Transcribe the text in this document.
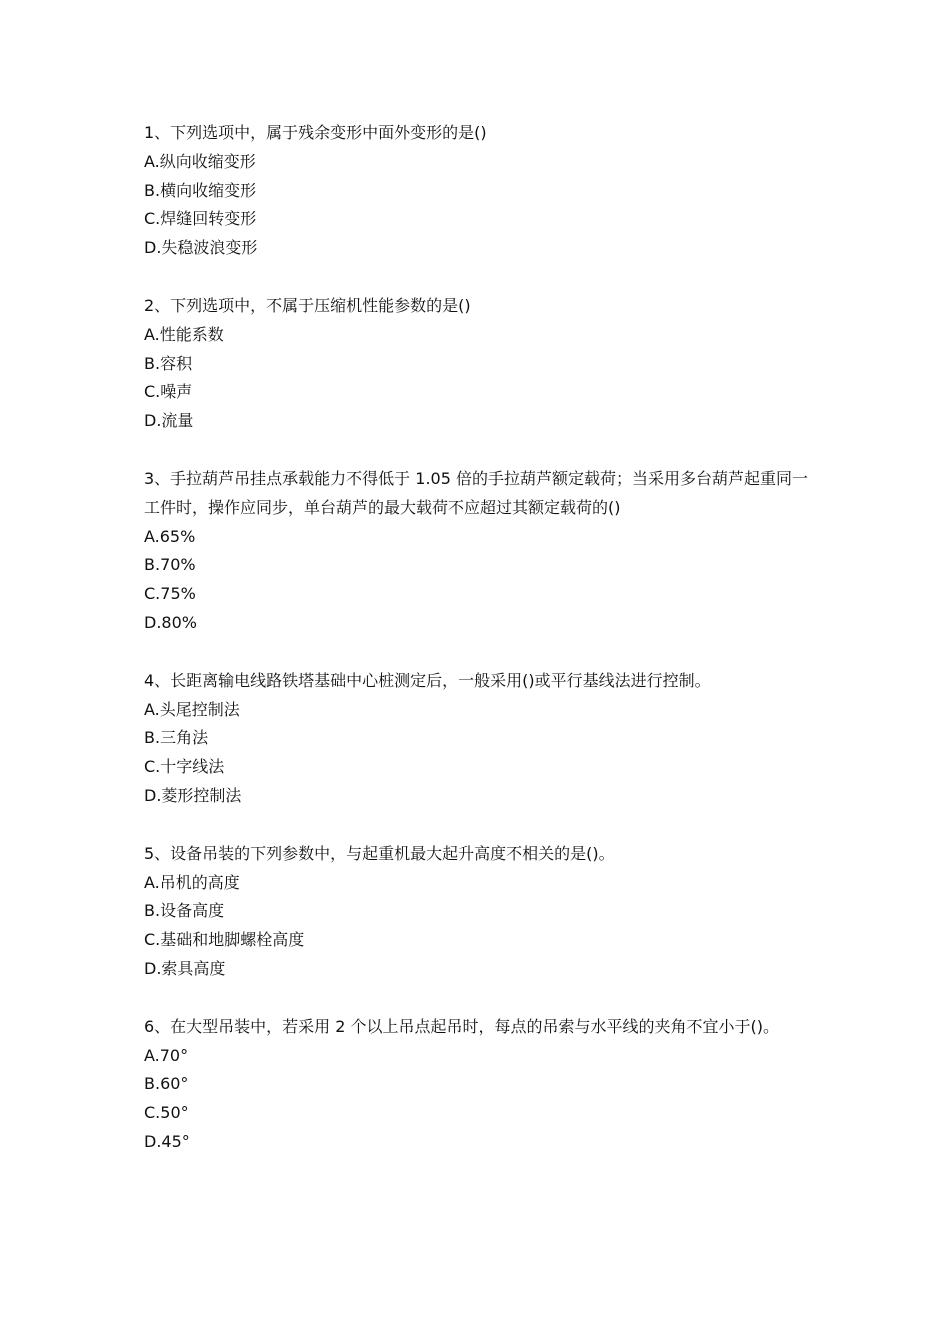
1、下列选项中，属于残余变形中面外变形的是()

A.纵向收缩变形

B.横向收缩变形

C.焊缝回转变形

D.失稳波浪变形

2、下列选项中，不属于压缩机性能参数的是()

A.性能系数

B.容积

C.噪声

D.流量

3、手拉葫芦吊挂点承载能力不得低于 1.05 倍的手拉葫芦额定载荷；当采用多台葫芦起重同一工件时，操作应同步，单台葫芦的最大载荷不应超过其额定载荷的()

A.65%

B.70%

C.75%

D.80%

4、长距离输电线路铁塔基础中心桩测定后，一般采用()或平行基线法进行控制。

A.头尾控制法

B.三角法

C.十字线法

D.菱形控制法

5、设备吊装的下列参数中，与起重机最大起升高度不相关的是()。

A.吊机的高度

B.设备高度

C.基础和地脚螺栓高度

D.索具高度

6、在大型吊装中，若采用 2 个以上吊点起吊时，每点的吊索与水平线的夹角不宜小于()。

A.70°

B.60°

C.50°

D.45°
